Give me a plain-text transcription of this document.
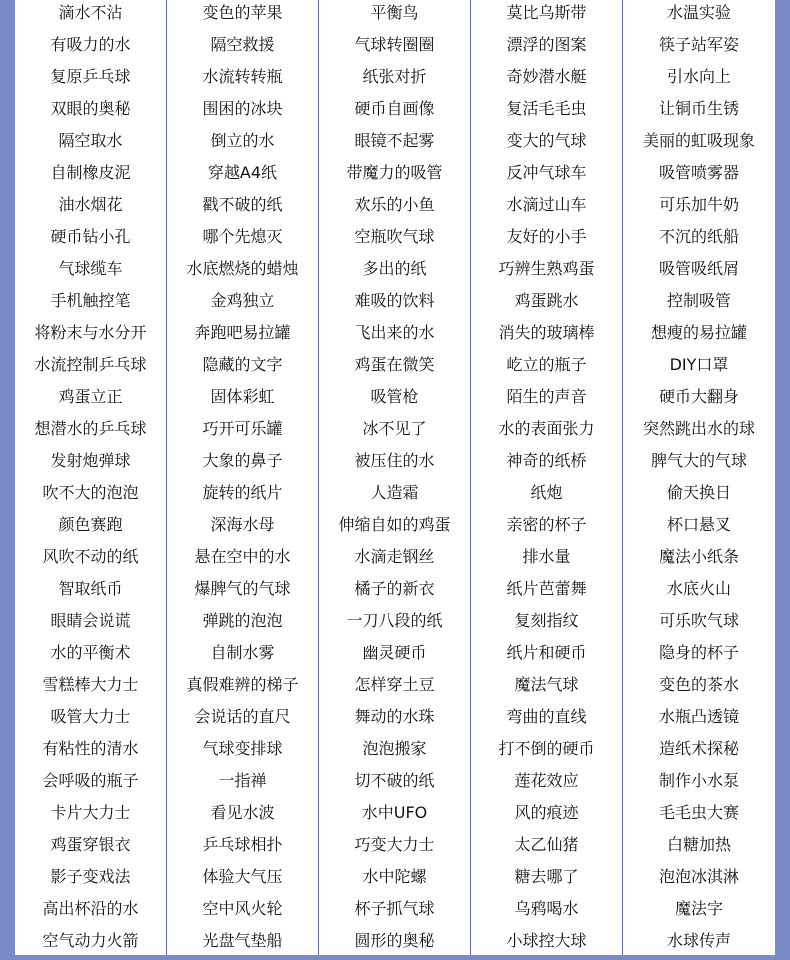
滴水不沾
有吸力的水
复原乒乓球
双眼的奥秘
隔空取水
自制橡皮泥
油水烟花
硬币钻小孔
气球缆车
手机触控笔
将粉末与水分开
水流控制乒乓球
鸡蛋立正
想潜水的乒乓球
发射炮弹球
吹不大的泡泡
颜色赛跑
风吹不动的纸
智取纸币
眼睛会说谎
水的平衡术
雪糕棒大力士
吸管大力士
有粘性的清水
会呼吸的瓶子
卡片大力士
鸡蛋穿银衣
影子变戏法
高出杯沿的水
空气动力火箭
变色的苹果
隔空救援
水流转转瓶
围困的冰块
倒立的水
穿越A4纸
戳不破的纸
哪个先熄灭
水底燃烧的蜡烛
金鸡独立
奔跑吧易拉罐
隐藏的文字
固体彩虹
巧开可乐罐
大象的鼻子
旋转的纸片
深海水母
悬在空中的水
爆脾气的气球
弹跳的泡泡
自制水雾
真假难辨的梯子
会说话的直尺
气球变排球
一指禅
看见水波
乒乓球相扑
体验大气压
空中风火轮
光盘气垫船
平衡鸟
气球转圈圈
纸张对折
硬币自画像
眼镜不起雾
带魔力的吸管
欢乐的小鱼
空瓶吹气球
多出的纸
难吸的饮料
飞出来的水
鸡蛋在微笑
吸管枪
冰不见了
被压住的水
人造霜
伸缩自如的鸡蛋
水滴走钢丝
橘子的新衣
一刀八段的纸
幽灵硬币
怎样穿土豆
舞动的水珠
泡泡搬家
切不破的纸
水中UFO
巧变大力士
水中陀螺
杯子抓气球
圆形的奥秘
莫比乌斯带
漂浮的图案
奇妙潜水艇
复活毛毛虫
变大的气球
反冲气球车
水滴过山车
友好的小手
巧辨生熟鸡蛋
鸡蛋跳水
消失的玻璃棒
屹立的瓶子
陌生的声音
水的表面张力
神奇的纸桥
纸炮
亲密的杯子
排水量
纸片芭蕾舞
复刻指纹
纸片和硬币
魔法气球
弯曲的直线
打不倒的硬币
莲花效应
风的痕迹
太乙仙猪
糖去哪了
乌鸦喝水
小球控大球
水温实验
筷子站军姿
引水向上
让铜币生锈
美丽的虹吸现象
吸管喷雾器
可乐加牛奶
不沉的纸船
吸管吸纸屑
控制吸管
想瘦的易拉罐
DIY口罩
硬币大翻身
突然跳出水的球
脾气大的气球
偷天换日
杯口悬叉
魔法小纸条
水底火山
可乐吹气球
隐身的杯子
变色的茶水
水瓶凸透镜
造纸术探秘
制作小水泵
毛毛虫大赛
白糖加热
泡泡冰淇淋
魔法字
水球传声
